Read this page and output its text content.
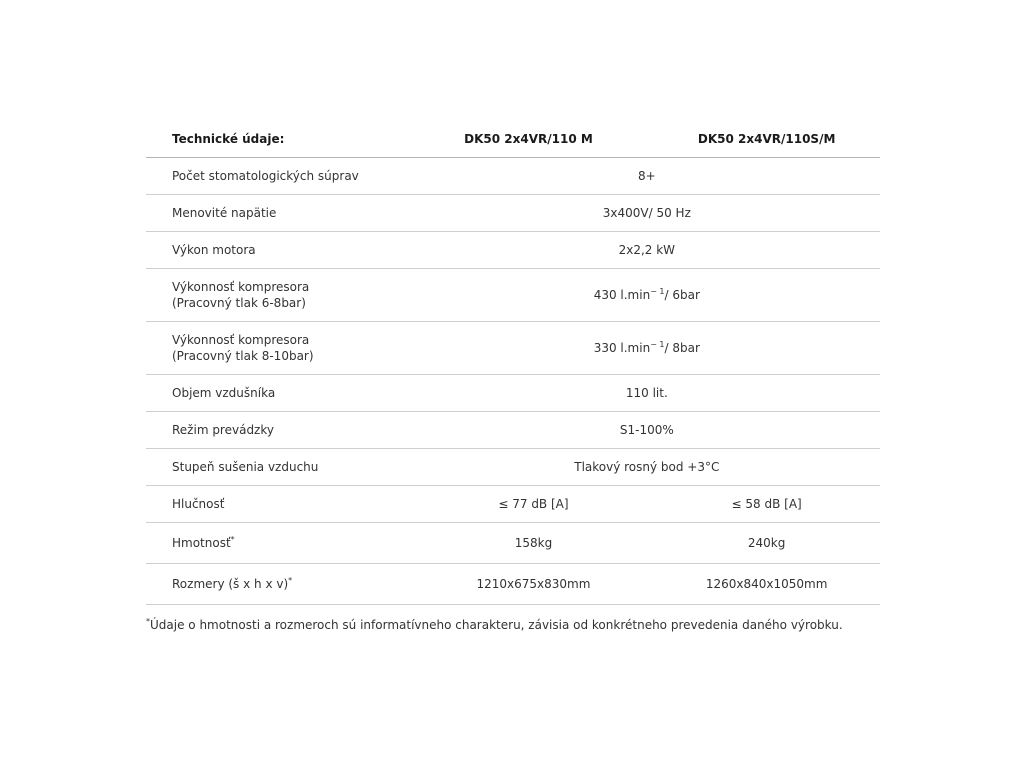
Technické údaje:	DK50 2x4VR/110 M	DK50 2x4VR/110S/M
Počet stomatologických súprav	8+	
Menovité napätie	3x400V/ 50 Hz	
Výkon motora	2x2,2 kW	

Výkonnosť kompresora
(Pracovný tlak 6-8bar)	430 $l.\min^{- 1}/$ 6bar	

Výkonnosť kompresora
(Pracovný tlak 8-10bar)	330 $l.\min^{- 1}/$ 8bar	
Objem vzdušníka	110 lit.	
Režim prevádzky	S1-100%	
Stupeň sušenia vzduchu	Tlakový rosný bod +3°C	
Hlučnosť	≤ 77 dB [A]	≤ 58 dB [A]
Hmotnosť*	158kg	240kg
Rozmery (š x h x v)*	1210x675x830mm	1260x840x1050mm
*Údaje o hmotnosti a rozmeroch sú informatívneho charakteru, závisia od konkrétneho prevedenia daného výrobku.
